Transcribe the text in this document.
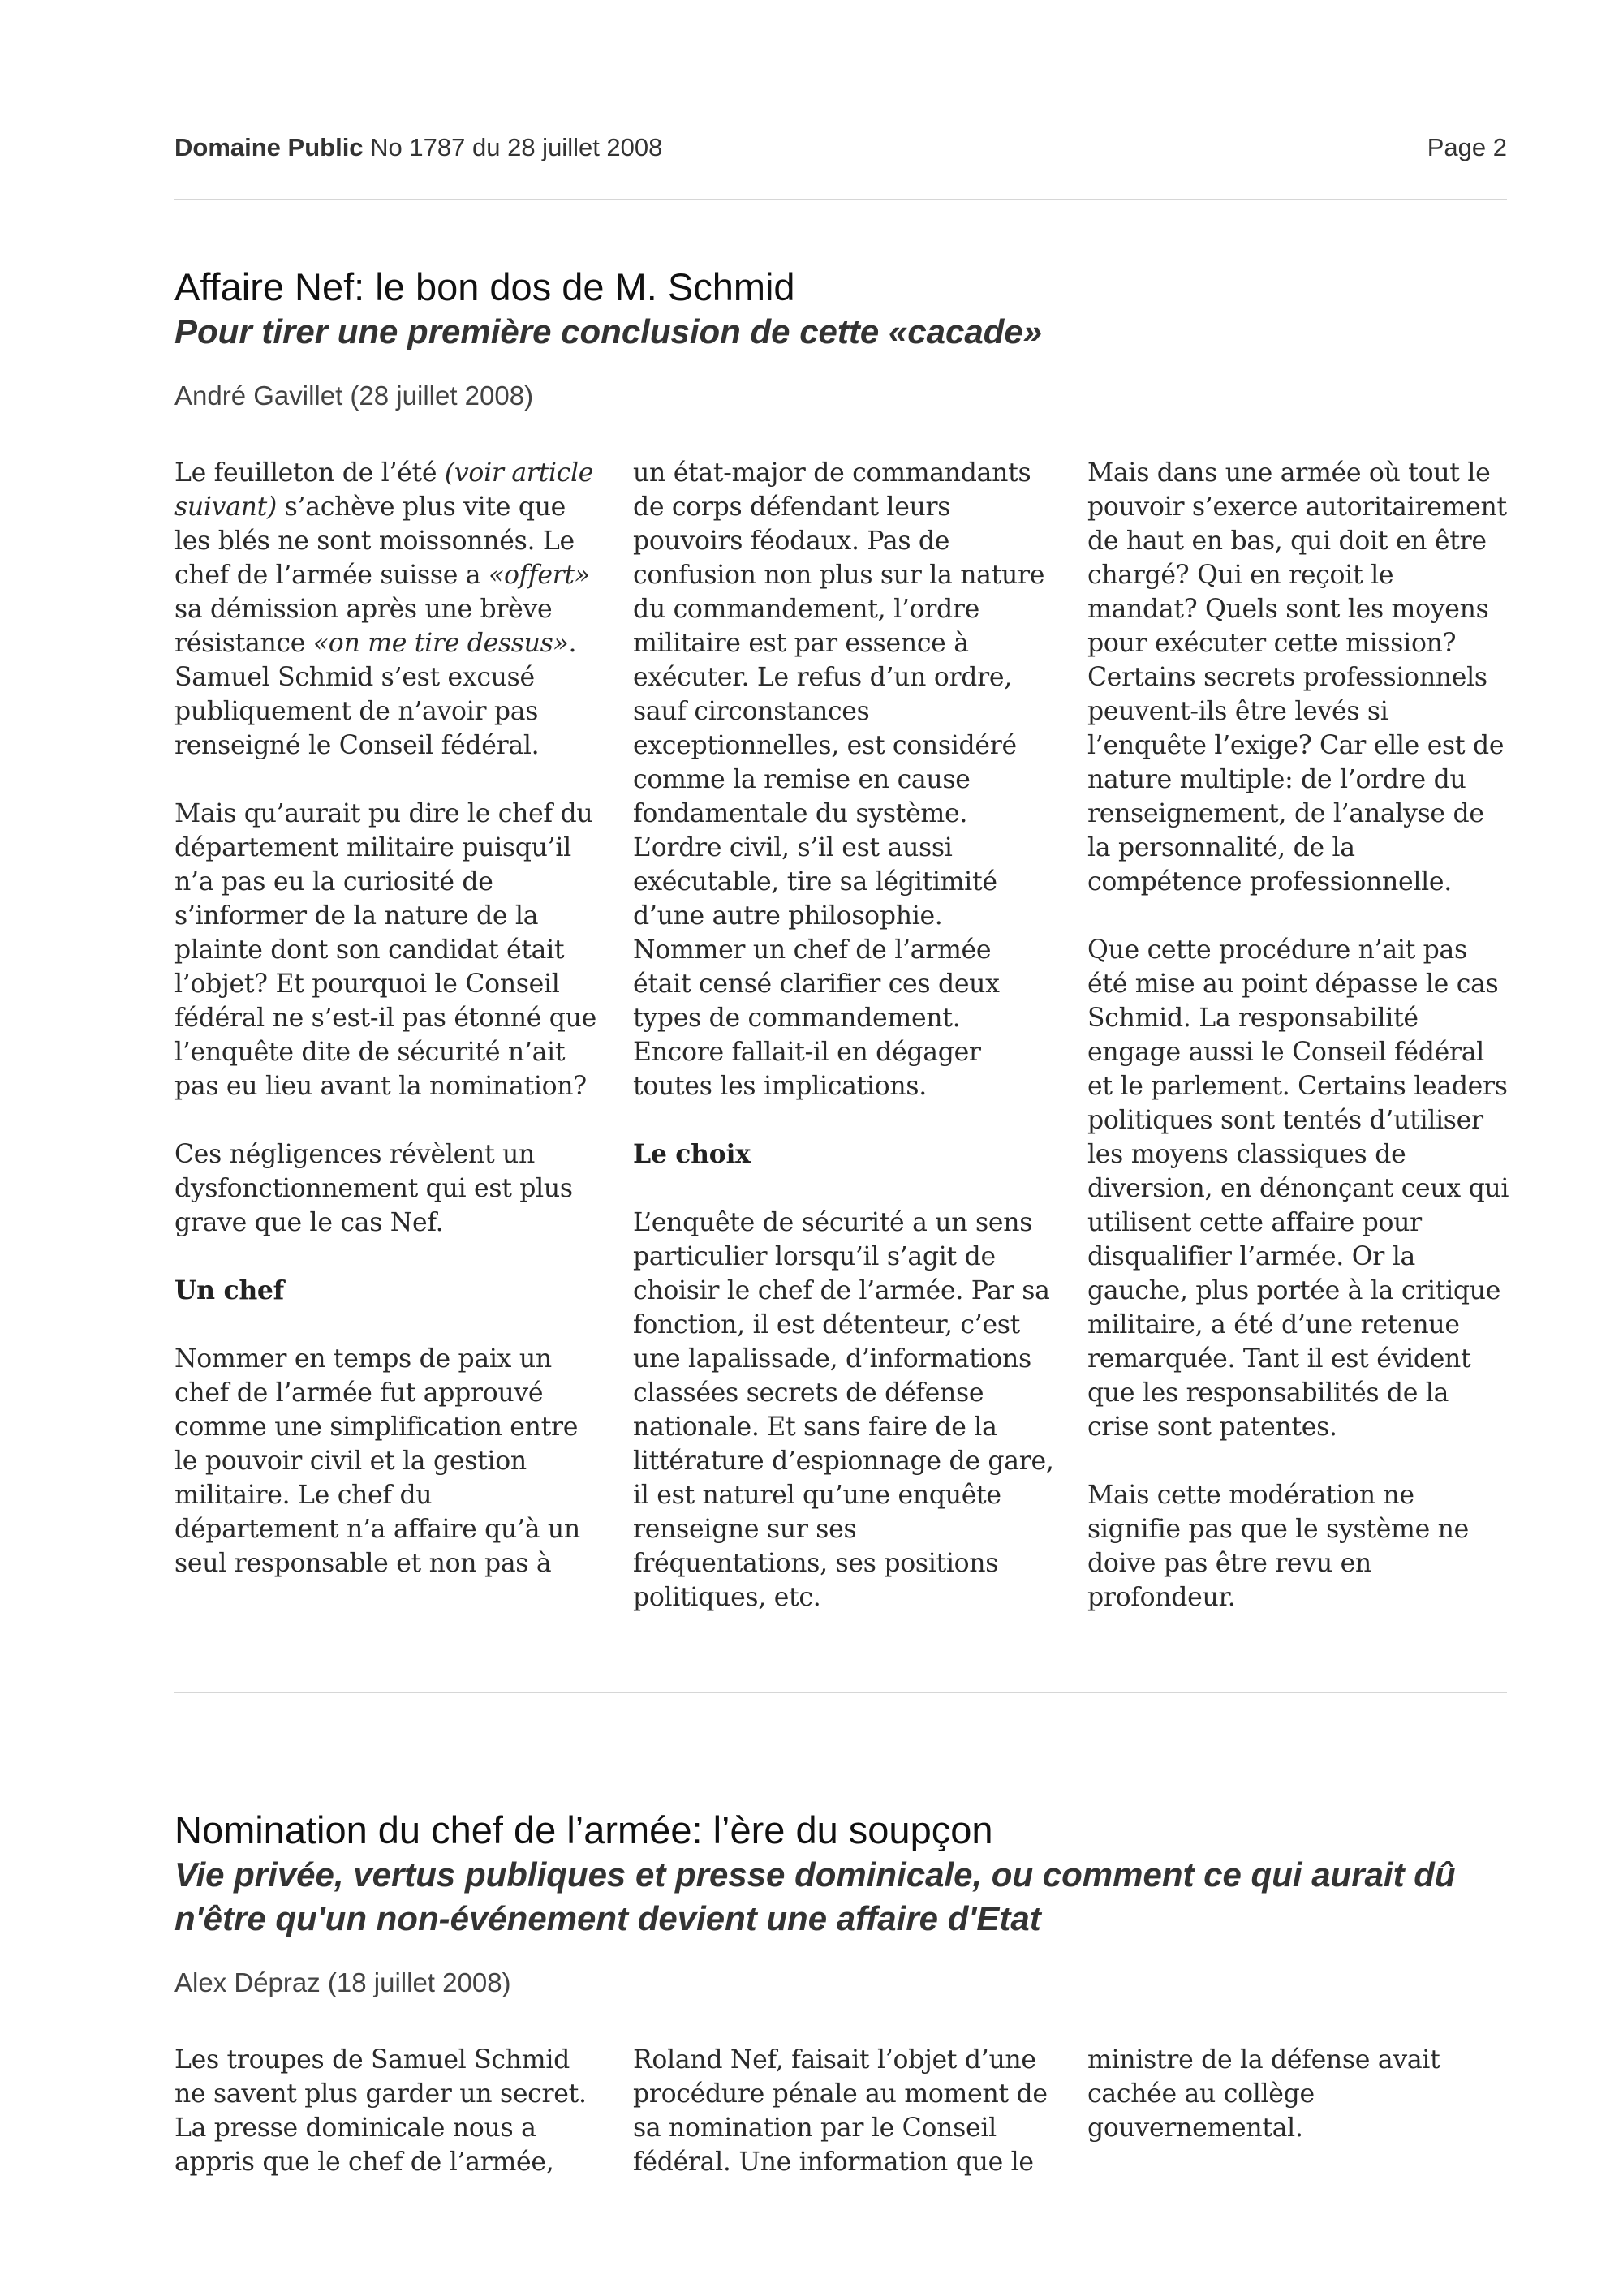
Domaine Public No 1787 du 28 juillet 2008	Page 2
Affaire Nef: le bon dos de M. Schmid
Pour tirer une première conclusion de cette «cacade»
André Gavillet (28 juillet 2008)

Le feuilleton de l’été (voir article suivant) s’achève plus vite que les blés ne sont moissonnés. Le chef de l’armée suisse a «offert» sa démission après une brève résistance «on me tire dessus». Samuel Schmid s’est excusé publiquement de n’avoir pas renseigné le Conseil fédéral.

Mais qu’aurait pu dire le chef du département militaire puisqu’il n’a pas eu la curiosité de s’informer de la nature de la plainte dont son candidat était l’objet? Et pourquoi le Conseil fédéral ne s’est-il pas étonné que l’enquête dite de sécurité n’ait pas eu lieu avant la nomination?

Ces négligences révèlent un dysfonctionnement qui est plus grave que le cas Nef.

Un chef

Nommer en temps de paix un chef de l’armée fut approuvé comme une simplification entre le pouvoir civil et la gestion militaire. Le chef du département n’a affaire qu’à un seul responsable et non pas à

un état-major de commandants de corps défendant leurs pouvoirs féodaux. Pas de confusion non plus sur la nature du commandement, l’ordre militaire est par essence à exécuter. Le refus d’un ordre, sauf circonstances exceptionnelles, est considéré comme la remise en cause fondamentale du système. L’ordre civil, s’il est aussi exécutable, tire sa légitimité d’une autre philosophie. Nommer un chef de l’armée était censé clarifier ces deux types de commandement. Encore fallait-il en dégager toutes les implications.

Le choix

L’enquête de sécurité a un sens particulier lorsqu’il s’agit de choisir le chef de l’armée. Par sa fonction, il est détenteur, c’est une lapalissade, d’informations classées secrets de défense nationale. Et sans faire de la littérature d’espionnage de gare, il est naturel qu’une enquête renseigne sur ses fréquentations, ses positions politiques, etc.

Mais dans une armée où tout le pouvoir s’exerce autoritairement de haut en bas, qui doit en être chargé? Qui en reçoit le mandat? Quels sont les moyens pour exécuter cette mission? Certains secrets professionnels peuvent-ils être levés si l’enquête l’exige? Car elle est de nature multiple: de l’ordre du renseignement, de l’analyse de la personnalité, de la compétence professionnelle.

Que cette procédure n’ait pas été mise au point dépasse le cas Schmid. La responsabilité engage aussi le Conseil fédéral et le parlement. Certains leaders politiques sont tentés d’utiliser les moyens classiques de diversion, en dénonçant ceux qui utilisent cette affaire pour disqualifier l’armée. Or la gauche, plus portée à la critique militaire, a été d’une retenue remarquée. Tant il est évident que les responsabilités de la crise sont patentes.

Mais cette modération ne signifie pas que le système ne doive pas être revu en profondeur.

Nomination du chef de l’armée: l’ère du soupçon
Vie privée, vertus publiques et presse dominicale, ou comment ce qui aurait dû n'être qu'un non-événement devient une affaire d'Etat
Alex Dépraz (18 juillet 2008)

Les troupes de Samuel Schmid ne savent plus garder un secret. La presse dominicale nous a appris que le chef de l’armée,

Roland Nef, faisait l’objet d’une procédure pénale au moment de sa nomination par le Conseil fédéral. Une information que le

ministre de la défense avait cachée au collège gouvernemental.
